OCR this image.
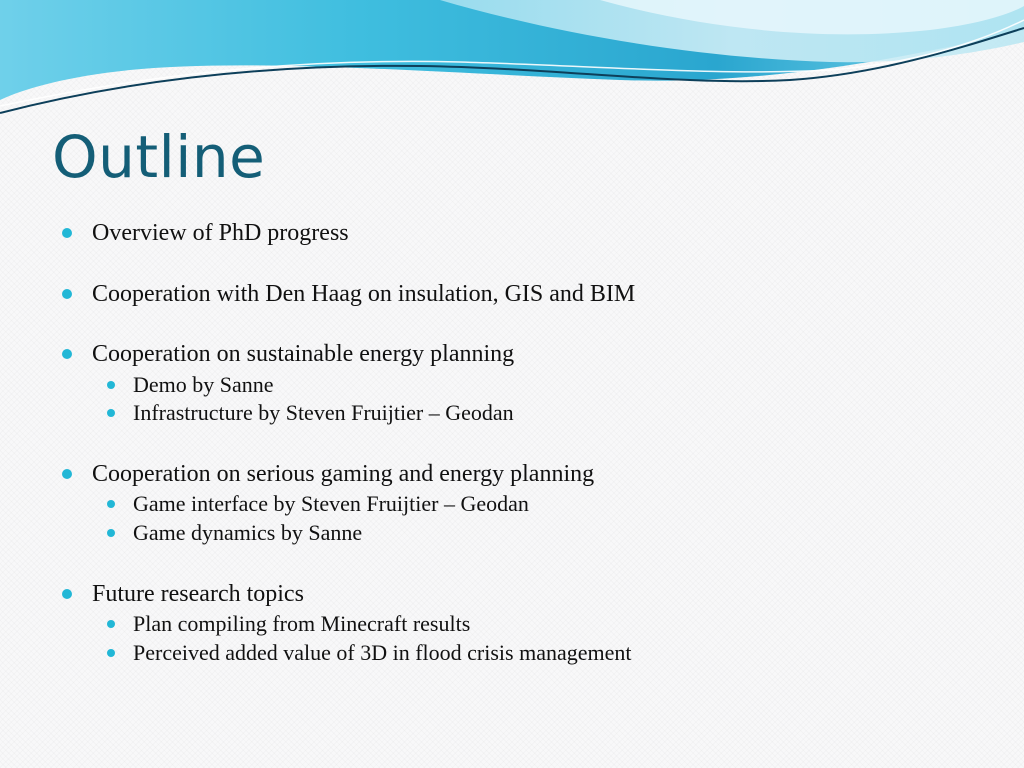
Outline
Overview of PhD progress
Cooperation with Den Haag on insulation, GIS and BIM
Cooperation on sustainable energy planning
Demo by Sanne
Infrastructure by Steven Fruijtier – Geodan
Cooperation on serious gaming and energy planning
Game interface by Steven Fruijtier – Geodan
Game dynamics by Sanne
Future research topics
Plan compiling from Minecraft results
Perceived added value of 3D in flood crisis management
